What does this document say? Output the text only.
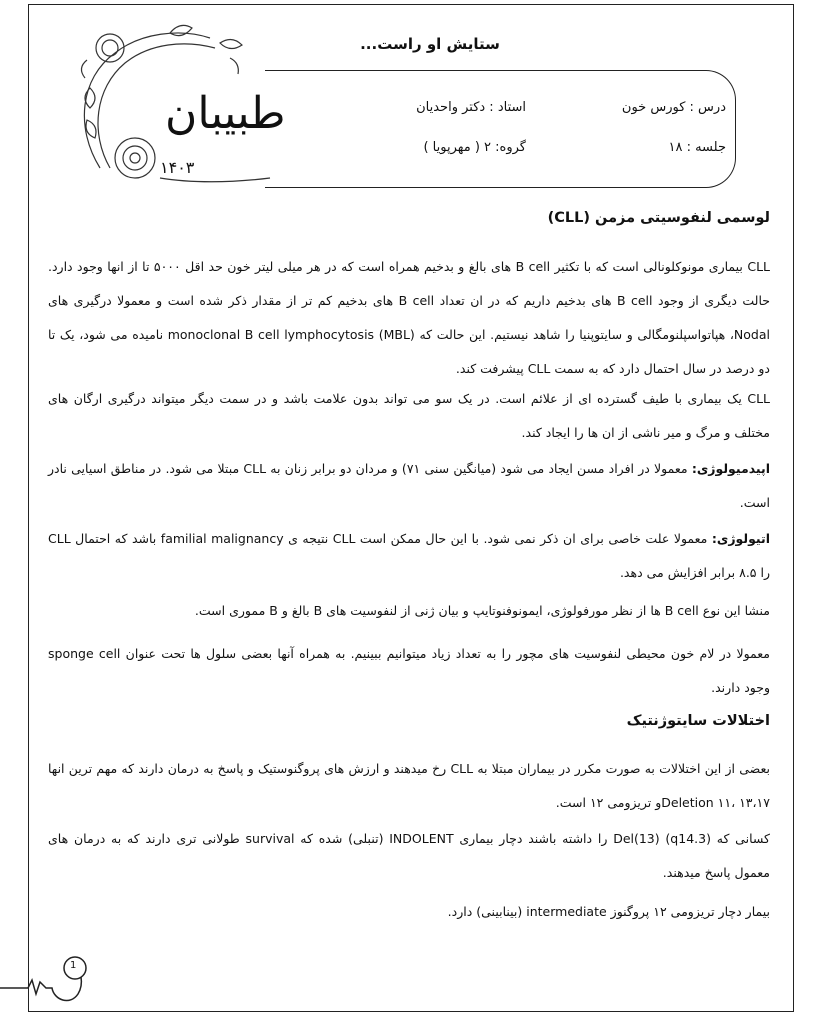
طبیبان
۱۴۰۳
ستایش او راست...
درس : کورس خون
جلسه : ۱۸
استاد : دکتر واحدیان
گروه: ۲ ( مهرپویا )
لوسمی لنفوسیتی مزمن (CLL)
CLL بیماری مونوکلونالی است که با تکثیر B cell های بالغ و بدخیم همراه است که در هر میلی لیتر خون حد اقل ۵۰۰۰ تا از انها وجود دارد. حالت دیگری از وجود B cell های بدخیم داریم که در ان تعداد B cell های بدخیم کم تر از مقدار ذکر شده است و معمولا درگیری های Nodal، هپاتواسپلنومگالی و سایتوپنیا را شاهد نیستیم. این حالت که monoclonal B cell lymphocytosis (MBL) نامیده می شود، یک تا دو درصد در سال احتمال دارد که به سمت CLL پیشرفت کند.
CLL یک بیماری با طیف گسترده ای از علائم است. در یک سو می تواند بدون علامت باشد و در سمت دیگر میتواند درگیری ارگان های مختلف و مرگ و میر ناشی از ان ها را ایجاد کند.
اپیدمیولوژی: معمولا در افراد مسن ایجاد می شود (میانگین سنی ۷۱) و مردان دو برابر زنان به CLL مبتلا می شود. در مناطق اسیایی نادر است.
اتیولوژی: معمولا علت خاصی برای ان ذکر نمی شود. با این حال ممکن است CLL نتیجه ی familial malignancy باشد که احتمال CLL را ۸.۵ برابر افزایش می دهد.
منشا این نوع B cell ها از نظر مورفولوژی، ایمونوفنوتایپ و بیان ژنی از لنفوسیت های B بالغ و B مموری است.
معمولا در لام خون محیطی لنفوسیت های مچور را به تعداد زیاد میتوانیم ببینیم. به همراه آنها بعضی سلول ها تحت عنوان sponge cell وجود دارند.
اختلالات سایتوژنتیک
بعضی از این اختلالات به صورت مکرر در بیماران مبتلا به CLL رخ میدهند و ارزش های پروگنوستیک و پاسخ به درمان دارند که مهم ترین انها Deletion ۱۱، ۱۳،۱۷و تریزومی ۱۲ است.
کسانی که Del(13) (q14.3) را داشته باشند دچار بیماری INDOLENT (تنبلی) شده که survival طولانی تری دارند که به درمان های معمول پاسخ میدهند.
بیمار دچار تریزومی ۱۲ پروگنوز intermediate (بینابینی) دارد.
1
